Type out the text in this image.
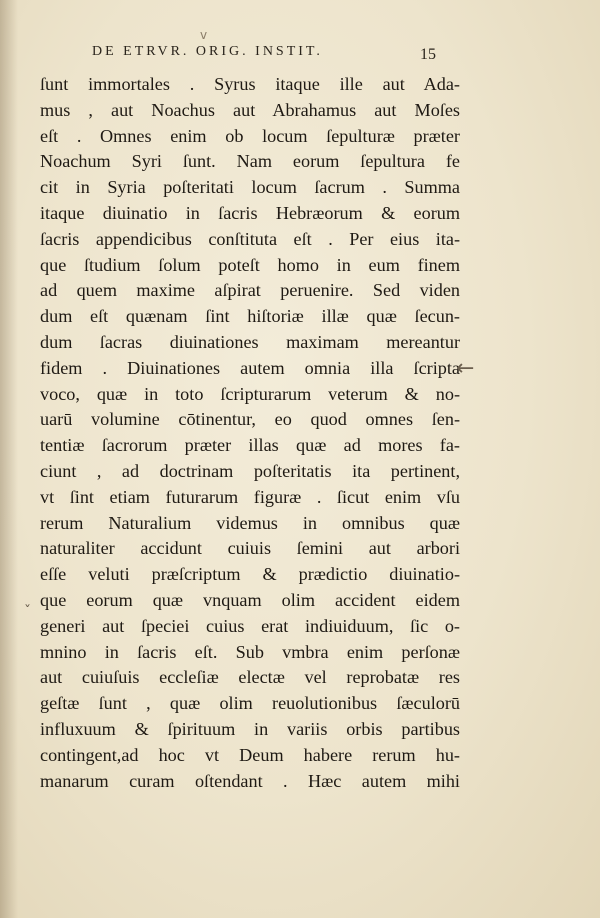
DE ETRVR. ORIG. INSTIT.	15
v
ſunt immortales . Syrus itaque ille aut Ada-
mus , aut Noachus aut Abrahamus aut Moſes
eſt . Omnes enim ob locum ſepulturæ præter
Noachum Syri ſunt. Nam eorum ſepultura fe
cit in Syria poſteritati locum ſacrum . Summa
itaque diuinatio in ſacris Hebræorum & eorum
ſacris appendicibus conſtituta eſt . Per eius ita-
que ſtudium ſolum poteſt homo in eum finem
ad quem maxime aſpirat peruenire. Sed viden
dum eſt quænam ſint hiſtoriæ illæ quæ ſecun-
dum ſacras diuinationes maximam mereantur
fidem . Diuinationes autem omnia illa ſcripta
voco, quæ in toto ſcripturarum veterum & no-
uarū volumine cōtinentur, eo quod omnes ſen-
tentiæ ſacrorum præter illas quæ ad mores fa-
ciunt , ad doctrinam poſteritatis ita pertinent,
vt ſint etiam futurarum figuræ . ſicut enim vſu
rerum Naturalium videmus in omnibus quæ
naturaliter accidunt cuiuis ſemini aut arbori
eſſe veluti præſcriptum & prædictio diuinatio-
que eorum quæ vnquam olim accident eidem
generi aut ſpeciei cuius erat indiuiduum, ſic o-
mnino in ſacris eſt. Sub vmbra enim perſonæ
aut cuiuſuis eccleſiæ electæ vel reprobatæ res
geſtæ ſunt , quæ olim reuolutionibus ſæculorū
influxuum & ſpirituum in variis orbis partibus
contingent,ad hoc vt Deum habere rerum hu-
manarum curam oſtendant . Hæc autem mihi
←
ˇ
